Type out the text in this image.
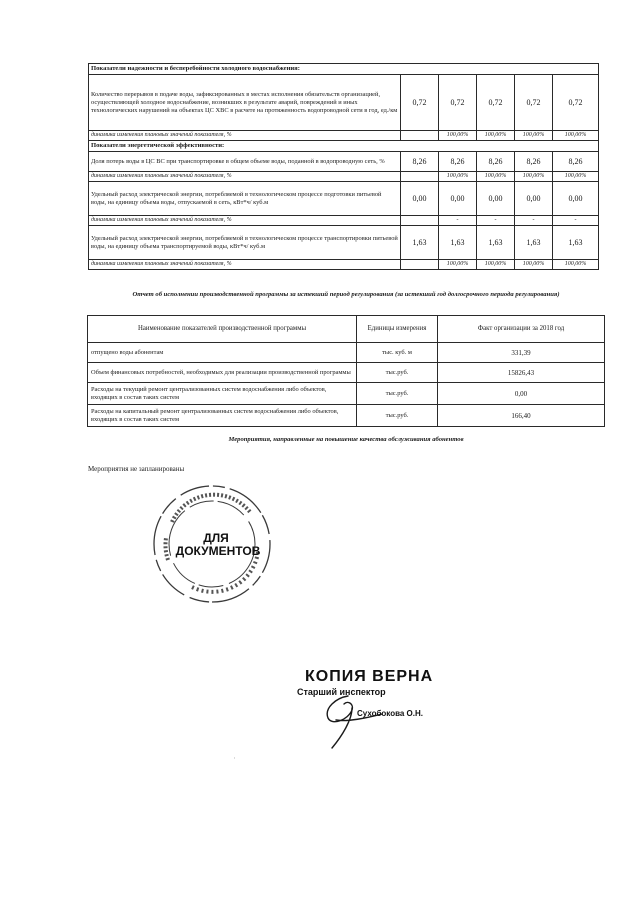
Показатели надежности и бесперебойности холодного водоснабжения:					
Количество перерывов в подаче воды, зафиксированных в местах исполнения обязательств организацией, осуществляющей холодное водоснабжение, возникших в результате аварий, повреждений и иных технологических нарушений на объектах ЦС ХВС в расчете на протяженность водопроводной сети в год, ед./км	0,72	0,72	0,72	0,72	0,72
динамика изменения плановых значений показателя, %		100,00%	100,00%	100,00%	100,00%
Показатели энергетической эффективности:					
Доля потерь воды в ЦС ВС при транспортировке в общем объеме воды, поданной в водопроводную сеть, %	8,26	8,26	8,26	8,26	8,26
динамика изменения плановых значений показателя, %		100,00%	100,00%	100,00%	100,00%
Удельный расход электрической энергии, потребляемой в технологическом процессе подготовки питьевой воды, на единицу объема воды, отпускаемой в сеть, кВт*ч/ куб.м	0,00	0,00	0,00	0,00	0,00
динамика изменения плановых значений показателя, %		-	-	-	-
Удельный расход электрической энергии, потребляемой в технологическом процессе транспортировки питьевой воды, на единицу объема транспортируемой воды, кВт*ч/ куб.м	1,63	1,63	1,63	1,63	1,63
динамика изменения плановых значений показателя, %		100,00%	100,00%	100,00%	100,00%
Отчет об исполнении производственной программы за истекший период регулирования (за истекший год долгосрочного периода регулирования)
Наименование показателей производственной программы	Единицы измерения	Факт организации за 2018 год
отпущено воды абонентам	тыс. куб. м	331,39
Объем финансовых потребностей, необходимых для реализации производственной программы	тыс.руб.	15826,43
Расходы на текущий ремонт централизованных систем водоснабжения либо объектов, входящих в состав таких систем	тыс.руб.	0,00
Расходы на капитальный ремонт централизованных систем водоснабжения либо объектов, входящих в состав таких систем	тыс.руб.	166,40
Мероприятия, направленные на повышение качества обслуживания абонентов
Мероприятия не запланированы
ДЛЯ
ДОКУМЕНТОВ
КОПИЯ ВЕРНА
Старший инспектор
Сухобокова О.Н.
'
